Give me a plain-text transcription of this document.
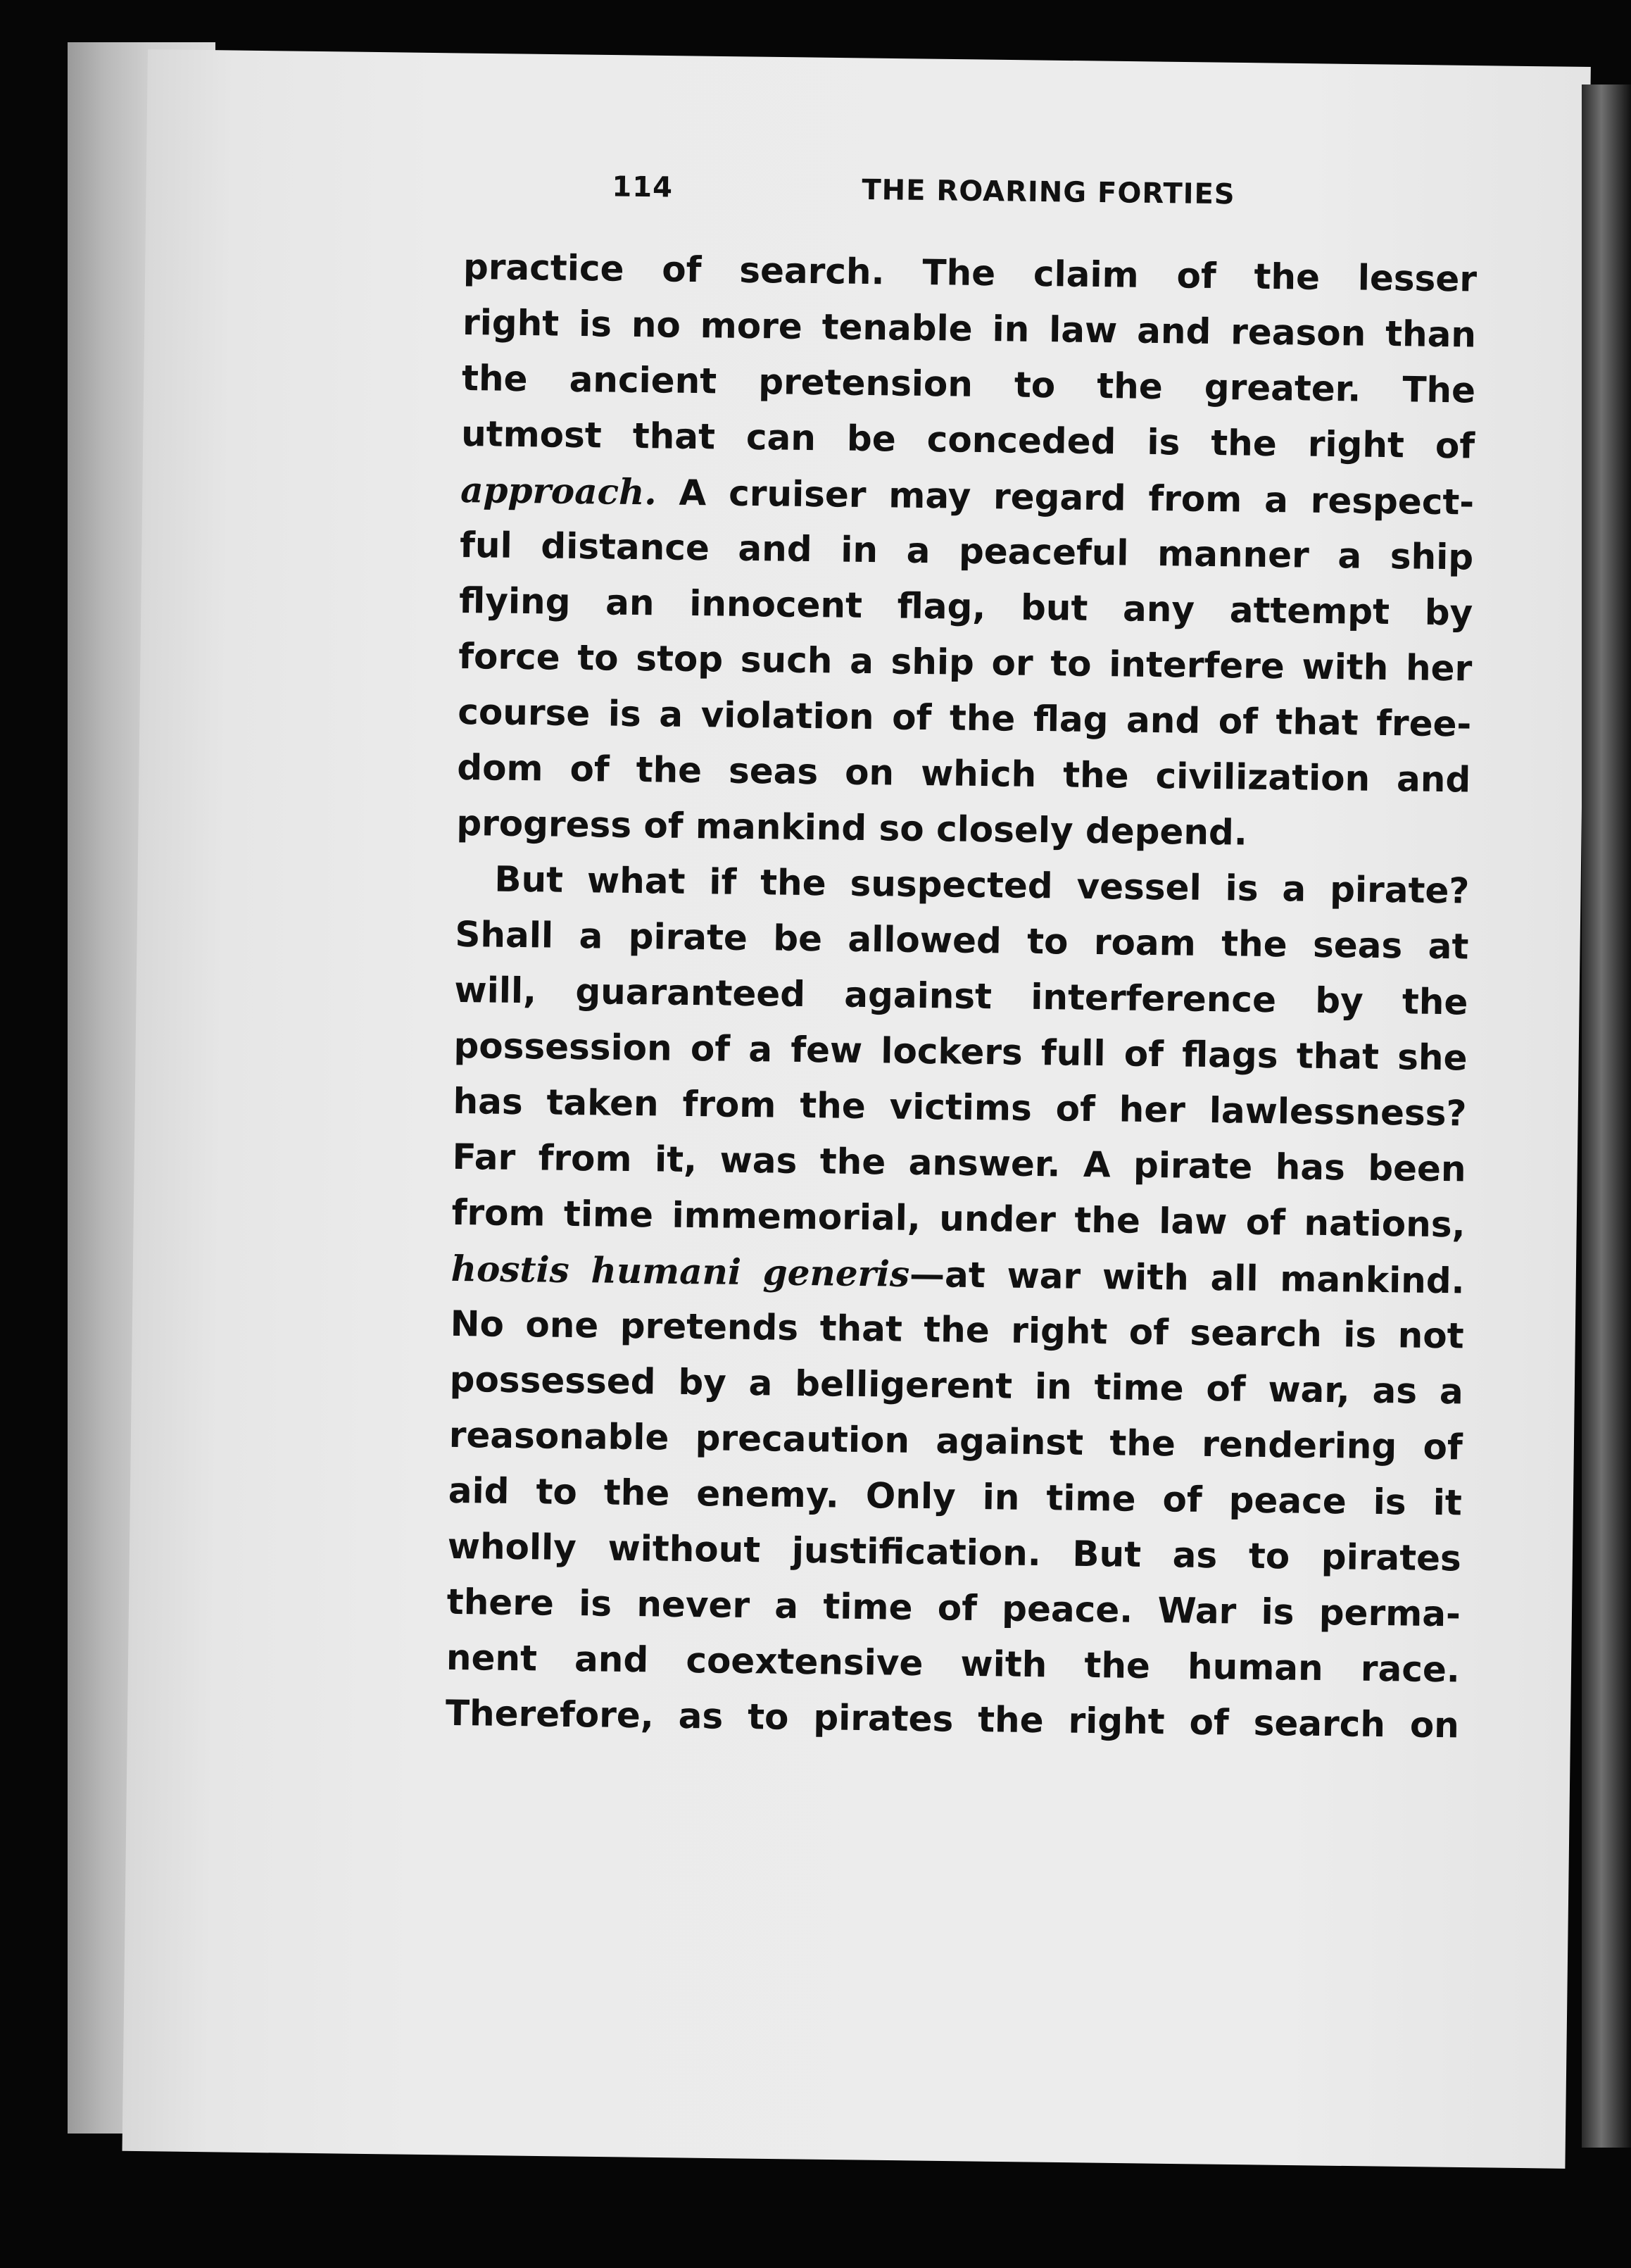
114	THE ROARING FORTIES
practice of search. The claim of the lesser
right is no more tenable in law and reason than
the ancient pretension to the greater. The
utmost that can be conceded is the right of
approach. A cruiser may regard from a respect-
ful distance and in a peaceful manner a ship
flying an innocent flag, but any attempt by
force to stop such a ship or to interfere with her
course is a violation of the flag and of that free-
dom of the seas on which the civilization and
progress of mankind so closely depend.
But what if the suspected vessel is a pirate?
Shall a pirate be allowed to roam the seas at
will, guaranteed against interference by the
possession of a few lockers full of flags that she
has taken from the victims of her lawlessness?
Far from it, was the answer. A pirate has been
from time immemorial, under the law of nations,
hostis humani generis—at war with all mankind.
No one pretends that the right of search is not
possessed by a belligerent in time of war, as a
reasonable precaution against the rendering of
aid to the enemy. Only in time of peace is it
wholly without justification. But as to pirates
there is never a time of peace. War is perma-
nent and coextensive with the human race.
Therefore, as to pirates the right of search on
